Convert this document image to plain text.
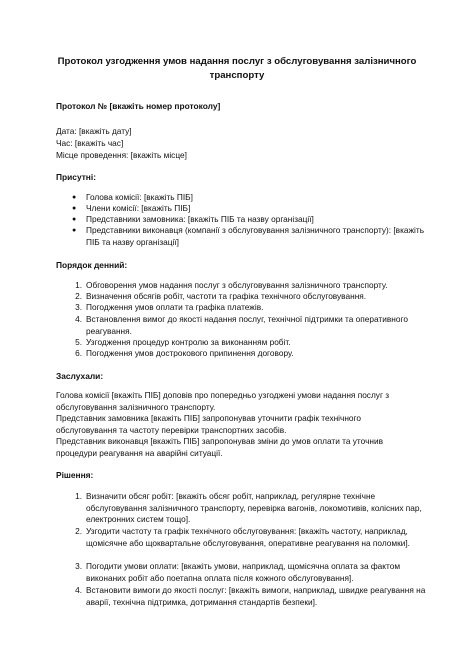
Протокол узгодження умов надання послуг з обслуговування залізничного транспорту
Протокол № [вкажіть номер протоколу]
Дата: [вкажіть дату]
Час: [вкажіть час]
Місце проведення: [вкажіть місце]
Присутні:
●	Голова комісії: [вкажіть ПІБ]
●	Члени комісії: [вкажіть ПІБ]
●	Представники замовника: [вкажіть ПІБ та назву організації]
●	Представники виконавця (компанії з обслуговування залізничного транспорту): [вкажіть ПІБ та назву організації]
Порядок денний:
1. Обговорення умов надання послуг з обслуговування залізничного транспорту.
2. Визначення обсягів робіт, частоти та графіка технічного обслуговування.
3. Погодження умов оплати та графіка платежів.
4. Встановлення вимог до якості надання послуг, технічної підтримки та оперативного реагування.
5. Узгодження процедур контролю за виконанням робіт.
6. Погодження умов дострокового припинення договору.
Заслухали:
Голова комісії [вкажіть ПІБ] доповів про попередньо узгоджені умови надання послуг з обслуговування залізничного транспорту.
Представник замовника [вкажіть ПІБ] запропонував уточнити графік технічного обслуговування та частоту перевірки транспортних засобів.
Представник виконавця [вкажіть ПІБ] запропонував зміни до умов оплати та уточнив процедури реагування на аварійні ситуації.
Рішення:
1. Визначити обсяг робіт: [вкажіть обсяг робіт, наприклад, регулярне технічне обслуговування залізничного транспорту, перевірка вагонів, локомотивів, колісних пар, електронних систем тощо].
2. Узгодити частоту та графік технічного обслуговування: [вкажіть частоту, наприклад, щомісячне або щоквартальне обслуговування, оперативне реагування на поломки].
3. Погодити умови оплати: [вкажіть умови, наприклад, щомісячна оплата за фактом виконаних робіт або поетапна оплата після кожного обслуговування].
4. Встановити вимоги до якості послуг: [вкажіть вимоги, наприклад, швидке реагування на аварії, технічна підтримка, дотримання стандартів безпеки].
